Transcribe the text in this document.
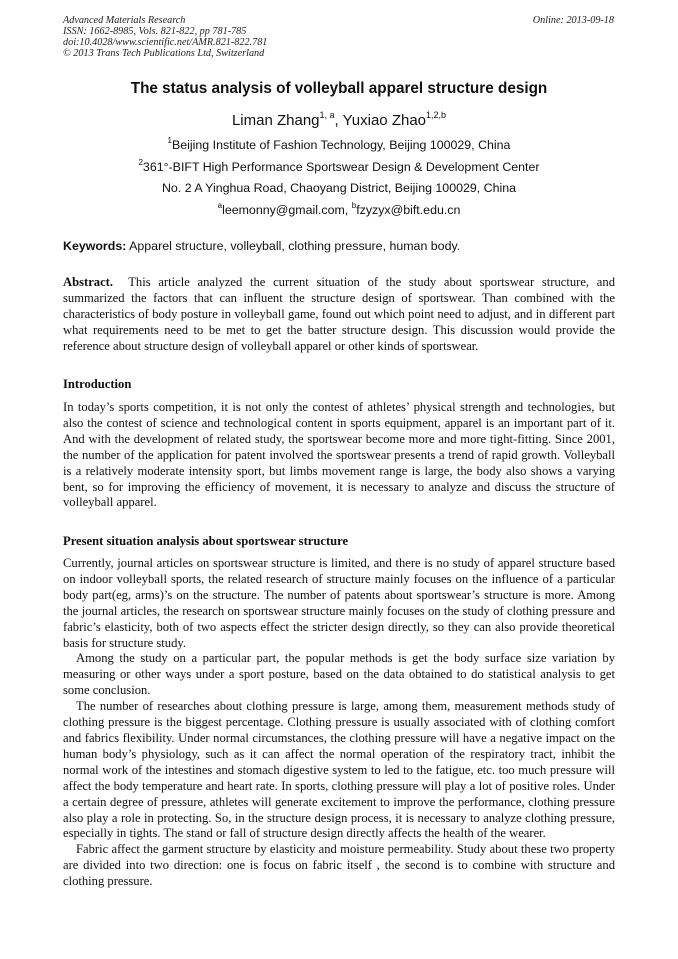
Advanced Materials Research
ISSN: 1662-8985, Vols. 821-822, pp 781-785
doi:10.4028/www.scientific.net/AMR.821-822.781
© 2013 Trans Tech Publications Ltd, Switzerland
Online: 2013-09-18
The status analysis of volleyball apparel structure design
Liman Zhang$^{1, a}$, Yuxiao Zhao$^{1,2,b}$
$^1$Beijing Institute of Fashion Technology, Beijing 100029, China
$^2$361°-BIFT High Performance Sportswear Design & Development Center
No. 2 A Yinghua Road, Chaoyang District, Beijing 100029, China
$^a$leemonny@gmail.com, $^b$fzyzyx@bift.edu.cn
Keywords: Apparel structure, volleyball, clothing pressure, human body.

Abstract. This article analyzed the current situation of the study about sportswear structure, and summarized the factors that can influent the structure design of sportswear. Than combined with the characteristics of body posture in volleyball game, found out which point need to adjust, and in different part what requirements need to be met to get the batter structure design. This discussion would provide the reference about structure design of volleyball apparel or other kinds of sportswear.

Introduction

In today’s sports competition, it is not only the contest of athletes’ physical strength and technologies, but also the contest of science and technological content in sports equipment, apparel is an important part of it. And with the development of related study, the sportswear become more and more tight-fitting. Since 2001, the number of the application for patent involved the sportswear presents a trend of rapid growth. Volleyball is a relatively moderate intensity sport, but limbs movement range is large, the body also shows a varying bent, so for improving the efficiency of movement, it is necessary to analyze and discuss the structure of volleyball apparel.

Present situation analysis about sportswear structure

Currently, journal articles on sportswear structure is limited, and there is no study of apparel structure based on indoor volleyball sports, the related research of structure mainly focuses on the influence of a particular body part(eg, arms)’s on the structure. The number of patents about sportswear’s structure is more. Among the journal articles, the research on sportswear structure mainly focuses on the study of clothing pressure and fabric’s elasticity, both of two aspects effect the stricter design directly, so they can also provide theoretical basis for structure study.

Among the study on a particular part, the popular methods is get the body surface size variation by measuring or other ways under a sport posture, based on the data obtained to do statistical analysis to get some conclusion.

The number of researches about clothing pressure is large, among them, measurement methods study of clothing pressure is the biggest percentage. Clothing pressure is usually associated with of clothing comfort and fabrics flexibility. Under normal circumstances, the clothing pressure will have a negative impact on the human body’s physiology, such as it can affect the normal operation of the respiratory tract, inhibit the normal work of the intestines and stomach digestive system to led to the fatigue, etc. too much pressure will affect the body temperature and heart rate. In sports, clothing pressure will play a lot of positive roles. Under a certain degree of pressure, athletes will generate excitement to improve the performance, clothing pressure also play a role in protecting. So, in the structure design process, it is necessary to analyze clothing pressure, especially in tights. The stand or fall of structure design directly affects the health of the wearer.

Fabric affect the garment structure by elasticity and moisture permeability. Study about these two property are divided into two direction: one is focus on fabric itself , the second is to combine with structure and clothing pressure.
